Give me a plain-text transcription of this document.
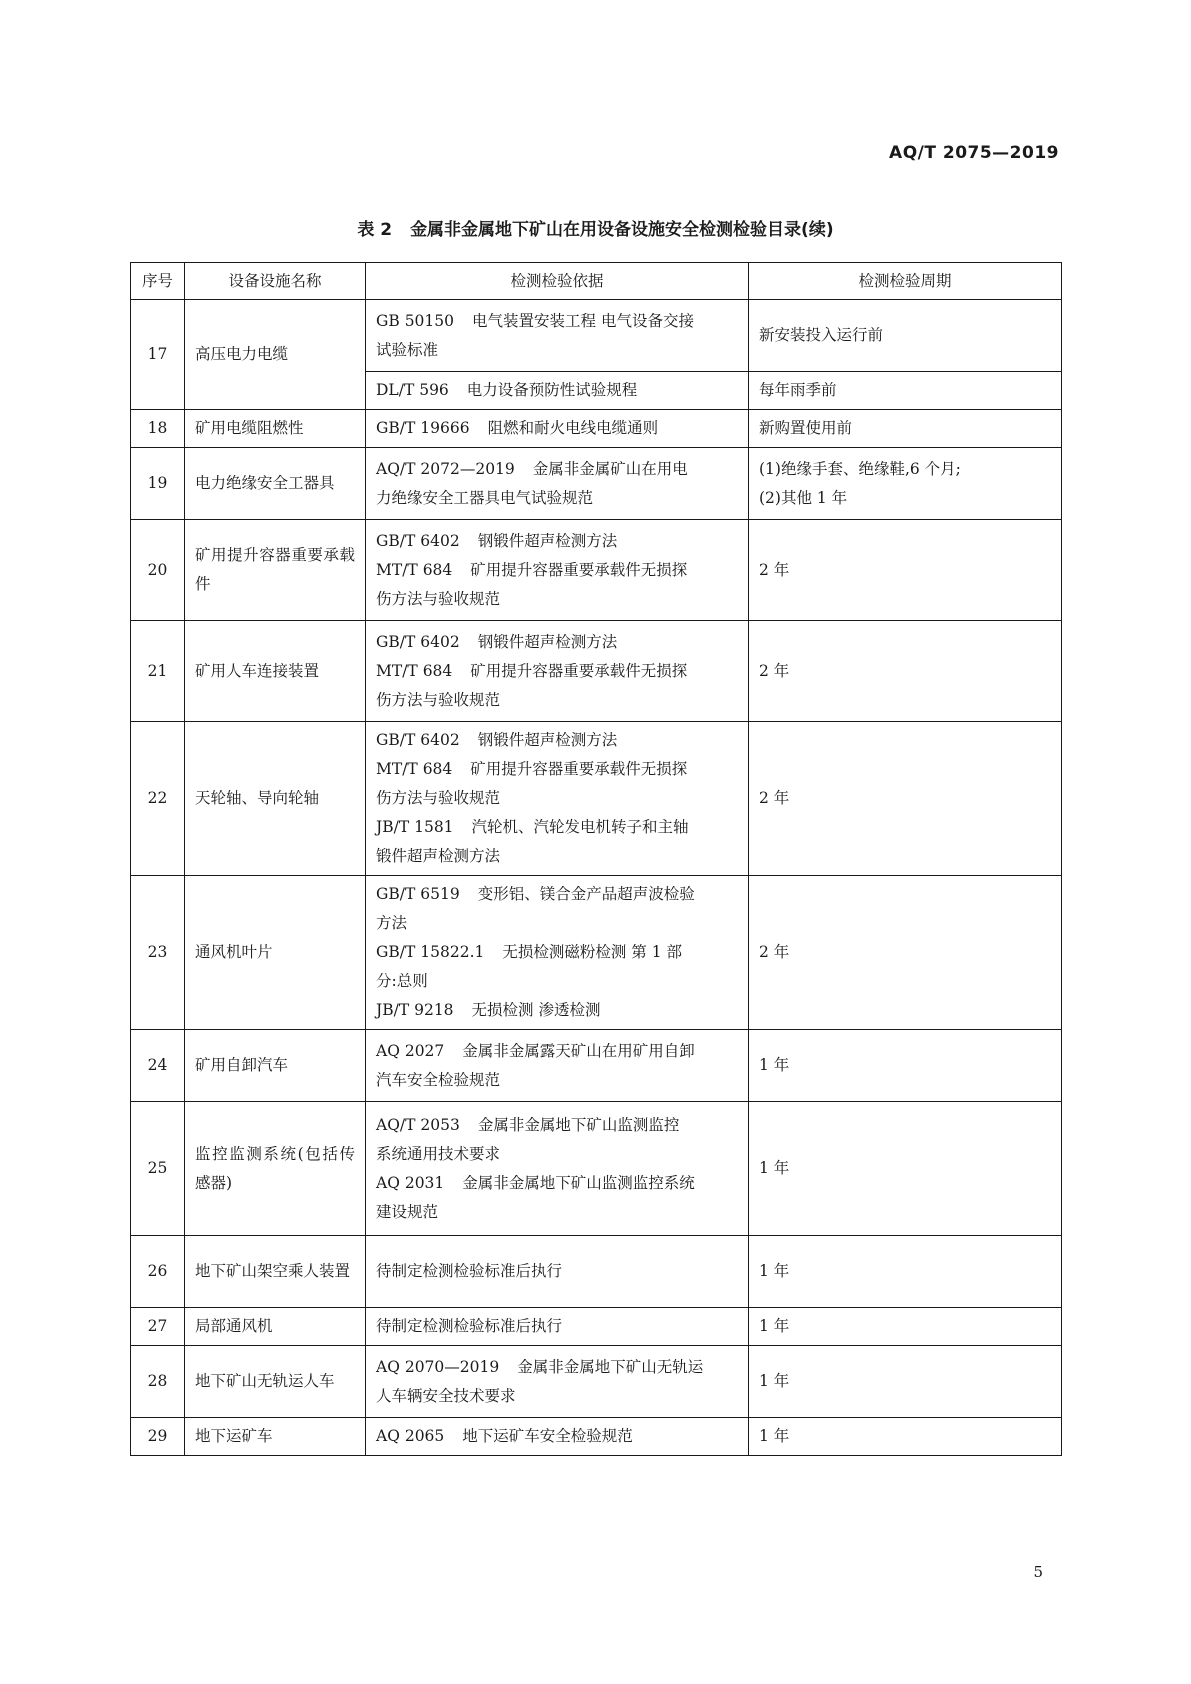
AQ/T 2075—2019
表 2 金属非金属地下矿山在用设备设施安全检测检验目录(续)
序号	设备设施名称	检测检验依据	检测检验周期
17	高压电力电缆	GB 50150 电气装置安装工程 电气设备交接
试验标准	新安装投入运行前

		DL/T 596 电力设备预防性试验规程	每年雨季前
18	矿用电缆阻燃性	GB/T 19666 阻燃和耐火电线电缆通则	新购置使用前
19	电力绝缘安全工器具	AQ/T 2072—2019 金属非金属矿山在用电
力绝缘安全工器具电气试验规范	(1)绝缘手套、绝缘鞋,6 个月;
(2)其他 1 年

20	矿用提升容器重要承载件	GB/T 6402 钢锻件超声检测方法
MT/T 684 矿用提升容器重要承载件无损探
伤方法与验收规范	2 年
21	矿用人车连接装置	GB/T 6402 钢锻件超声检测方法
MT/T 684 矿用提升容器重要承载件无损探
伤方法与验收规范	2 年
22	天轮轴、导向轮轴	GB/T 6402 钢锻件超声检测方法
MT/T 684 矿用提升容器重要承载件无损探
伤方法与验收规范
JB/T 1581 汽轮机、汽轮发电机转子和主轴
锻件超声检测方法	2 年
23	通风机叶片	GB/T 6519 变形铝、镁合金产品超声波检验
方法
GB/T 15822.1 无损检测磁粉检测 第 1 部
分:总则
JB/T 9218 无损检测 渗透检测	2 年
24	矿用自卸汽车	AQ 2027 金属非金属露天矿山在用矿用自卸
汽车安全检验规范	1 年
25	监控监测系统(包括传感器)	AQ/T 2053 金属非金属地下矿山监测监控
系统通用技术要求
AQ 2031 金属非金属地下矿山监测监控系统
建设规范	1 年
26	地下矿山架空乘人装置	待制定检测检验标准后执行	1 年
27	局部通风机	待制定检测检验标准后执行	1 年
28	地下矿山无轨运人车	AQ 2070—2019 金属非金属地下矿山无轨运
人车辆安全技术要求	1 年
29	地下运矿车	AQ 2065 地下运矿车安全检验规范	1 年
5
